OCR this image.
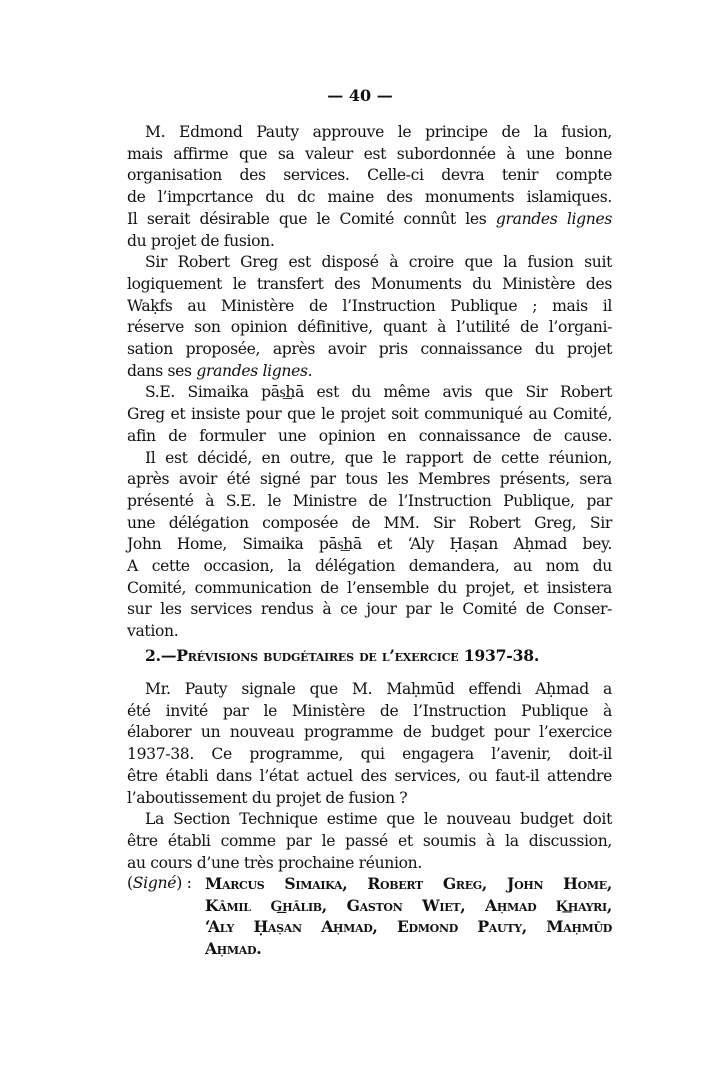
— 40 —
M. Edmond Pauty approuve le principe de la fusion,
mais affirme que sa valeur est subordonnée à une bonne
organisation des services. Celle-ci devra tenir compte
de l’impcrtance du dc maine des monuments islamiques.
Il serait désirable que le Comité connût les grandes lignes
du projet de fusion.
Sir Robert Greg est disposé à croire que la fusion suit
logiquement le transfert des Monuments du Ministère des
Waḳfs au Ministère de l’Instruction Publique ; mais il
réserve son opinion définitive, quant à l’utilité de l’organi-
sation proposée, après avoir pris connaissance du projet
dans ses grandes lignes.
S.E. Simaika pās͟hā est du même avis que Sir Robert
Greg et insiste pour que le projet soit communiqué au Comité,
afin de formuler une opinion en connaissance de cause.
Il est décidé, en outre, que le rapport de cette réunion,
après avoir été signé par tous les Membres présents, sera
présenté à S.E. le Ministre de l’Instruction Publique, par
une délégation composée de MM. Sir Robert Greg, Sir
John Home, Simaika pās͟hā et ‘Aly Ḥaṣan Aḥmad bey.
A cette occasion, la délégation demandera, au nom du
Comité, communication de l’ensemble du projet, et insistera
sur les services rendus à ce jour par le Comité de Conser-
vation.
2.—Prévisions budgétaires de l’exercice 1937-38.
Mr. Pauty signale que M. Maḥmūd effendi Aḥmad a
été invité par le Ministère de l’Instruction Publique à
élaborer un nouveau programme de budget pour l’exercice
1937-38. Ce programme, qui engagera l’avenir, doit-il
être établi dans l’état actuel des services, ou faut-il attendre
l’aboutissement du projet de fusion ?
La Section Technique estime que le nouveau budget doit
être établi comme par le passé et soumis à la discussion,
au cours d’une très prochaine réunion.
(Signé) : Marcus Simaika, Robert Greg, John Home,
Kāmil G͟hālib, Gaston Wiet, Aḥmad K͟hayri,
‘Aly Ḥaṣan Aḥmad, Edmond Pauty, Maḥmūd
Aḥmad.
